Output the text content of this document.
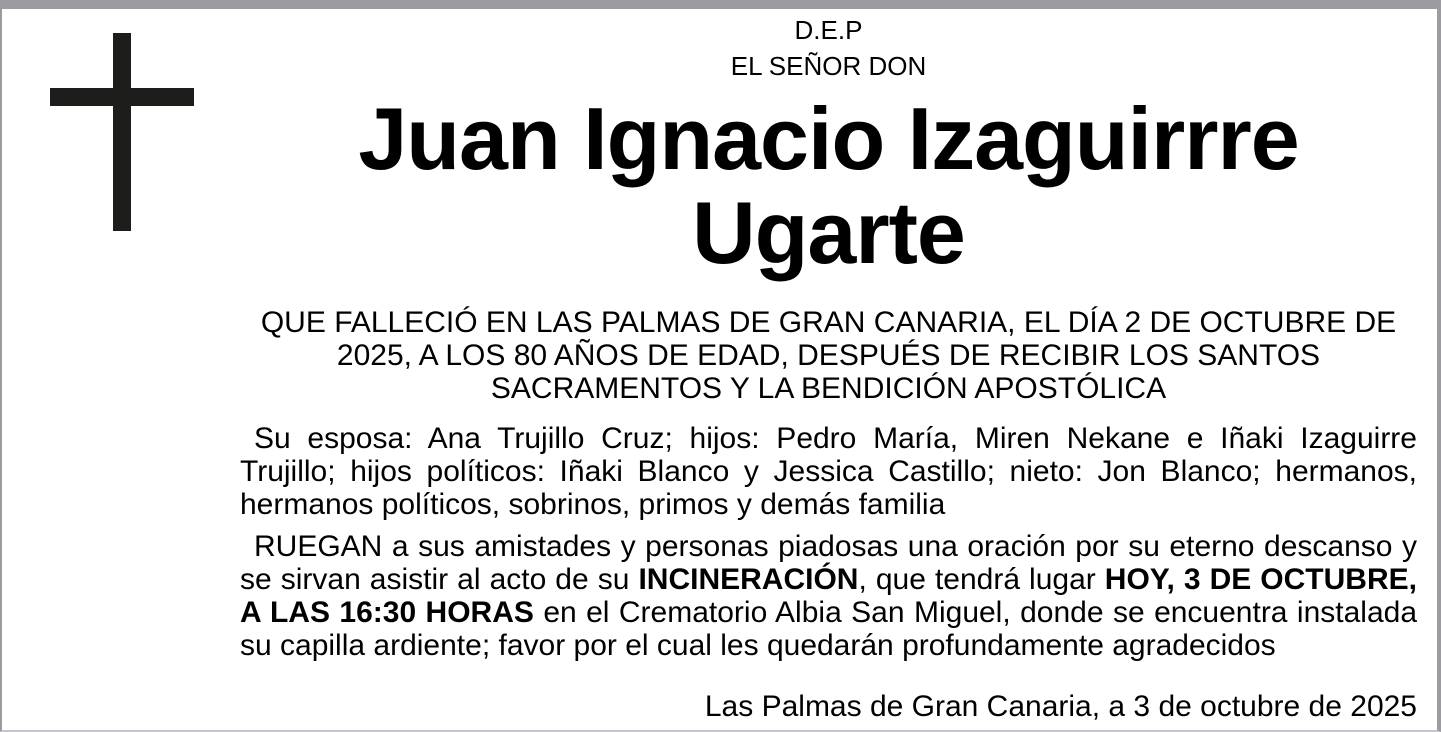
D.E.P
EL SEÑOR DON
Juan Ignacio Izaguirrre
Ugarte
QUE FALLECIÓ EN LAS PALMAS DE GRAN CANARIA, EL DÍA 2 DE OCTUBRE DE 2025, A LOS 80 AÑOS DE EDAD, DESPUÉS DE RECIBIR LOS SANTOS SACRAMENTOS Y LA BENDICIÓN APOSTÓLICA
Su esposa: Ana Trujillo Cruz; hijos: Pedro María, Miren Nekane e Iñaki Izaguirre Trujillo; hijos políticos: Iñaki Blanco y Jessica Castillo; nieto: Jon Blanco; hermanos, hermanos políticos, sobrinos, primos y demás familia
RUEGAN a sus amistades y personas piadosas una oración por su eterno descanso y se sirvan asistir al acto de su INCINERACIÓN, que tendrá lugar HOY, 3 DE OCTUBRE, A LAS 16:30 HORAS en el Crematorio Albia San Miguel, donde se encuentra instalada su capilla ardiente; favor por el cual les quedarán profundamente agradecidos
Las Palmas de Gran Canaria, a 3 de octubre de 2025
